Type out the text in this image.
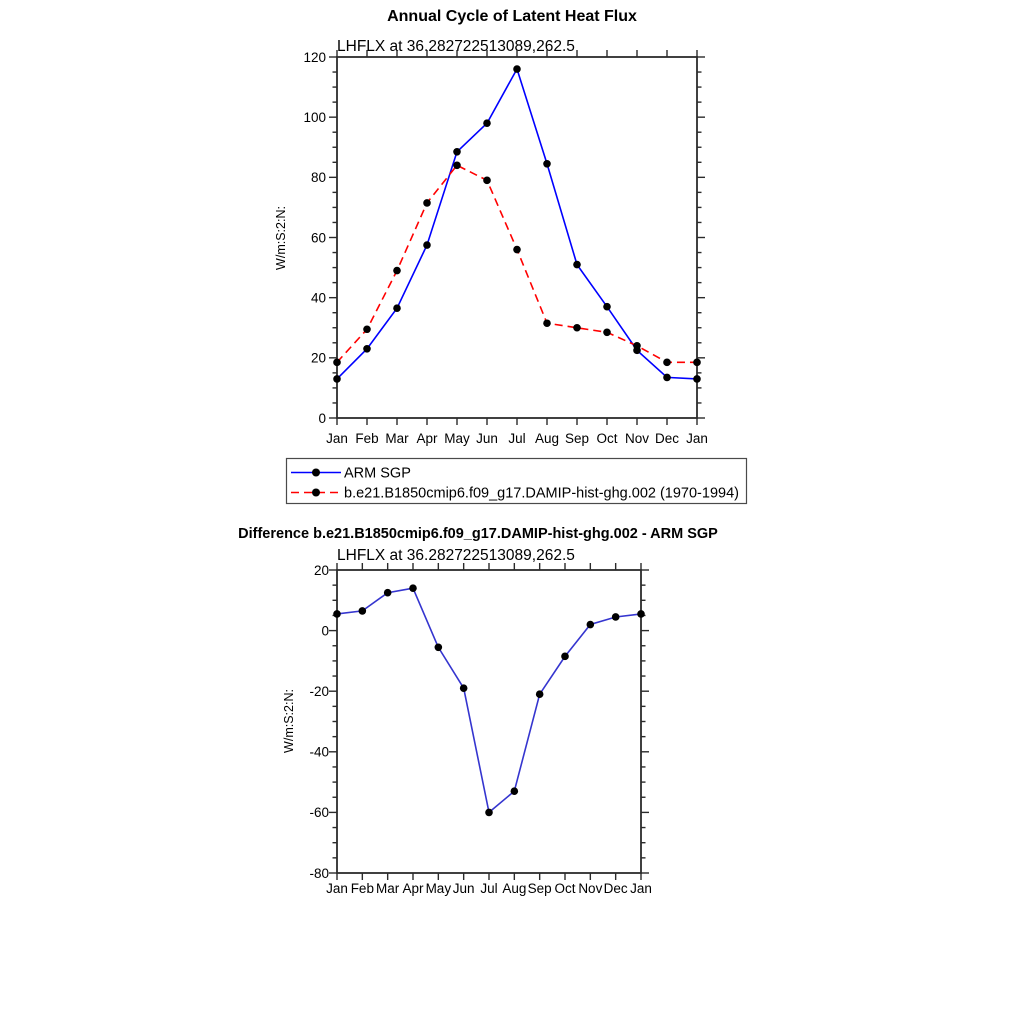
Annual Cycle of Latent Heat Flux
LHFLX at 36.282722513089,262.5
W/m:S:2:N:
0
20
40
60
80
100
120
Jan Feb Mar Apr May Jun Jul Aug Sep Oct Nov Dec Jan
ARM SGP
b.e21.B1850cmip6.f09_g17.DAMIP-hist-ghg.002 (1970-1994)
Difference b.e21.B1850cmip6.f09_g17.DAMIP-hist-ghg.002 - ARM SGP
LHFLX at 36.282722513089,262.5
W/m:S:2:N:
-80
-60
-40
-20
0
20
Jan Feb Mar Apr May Jun Jul Aug Sep Oct Nov Dec Jan
